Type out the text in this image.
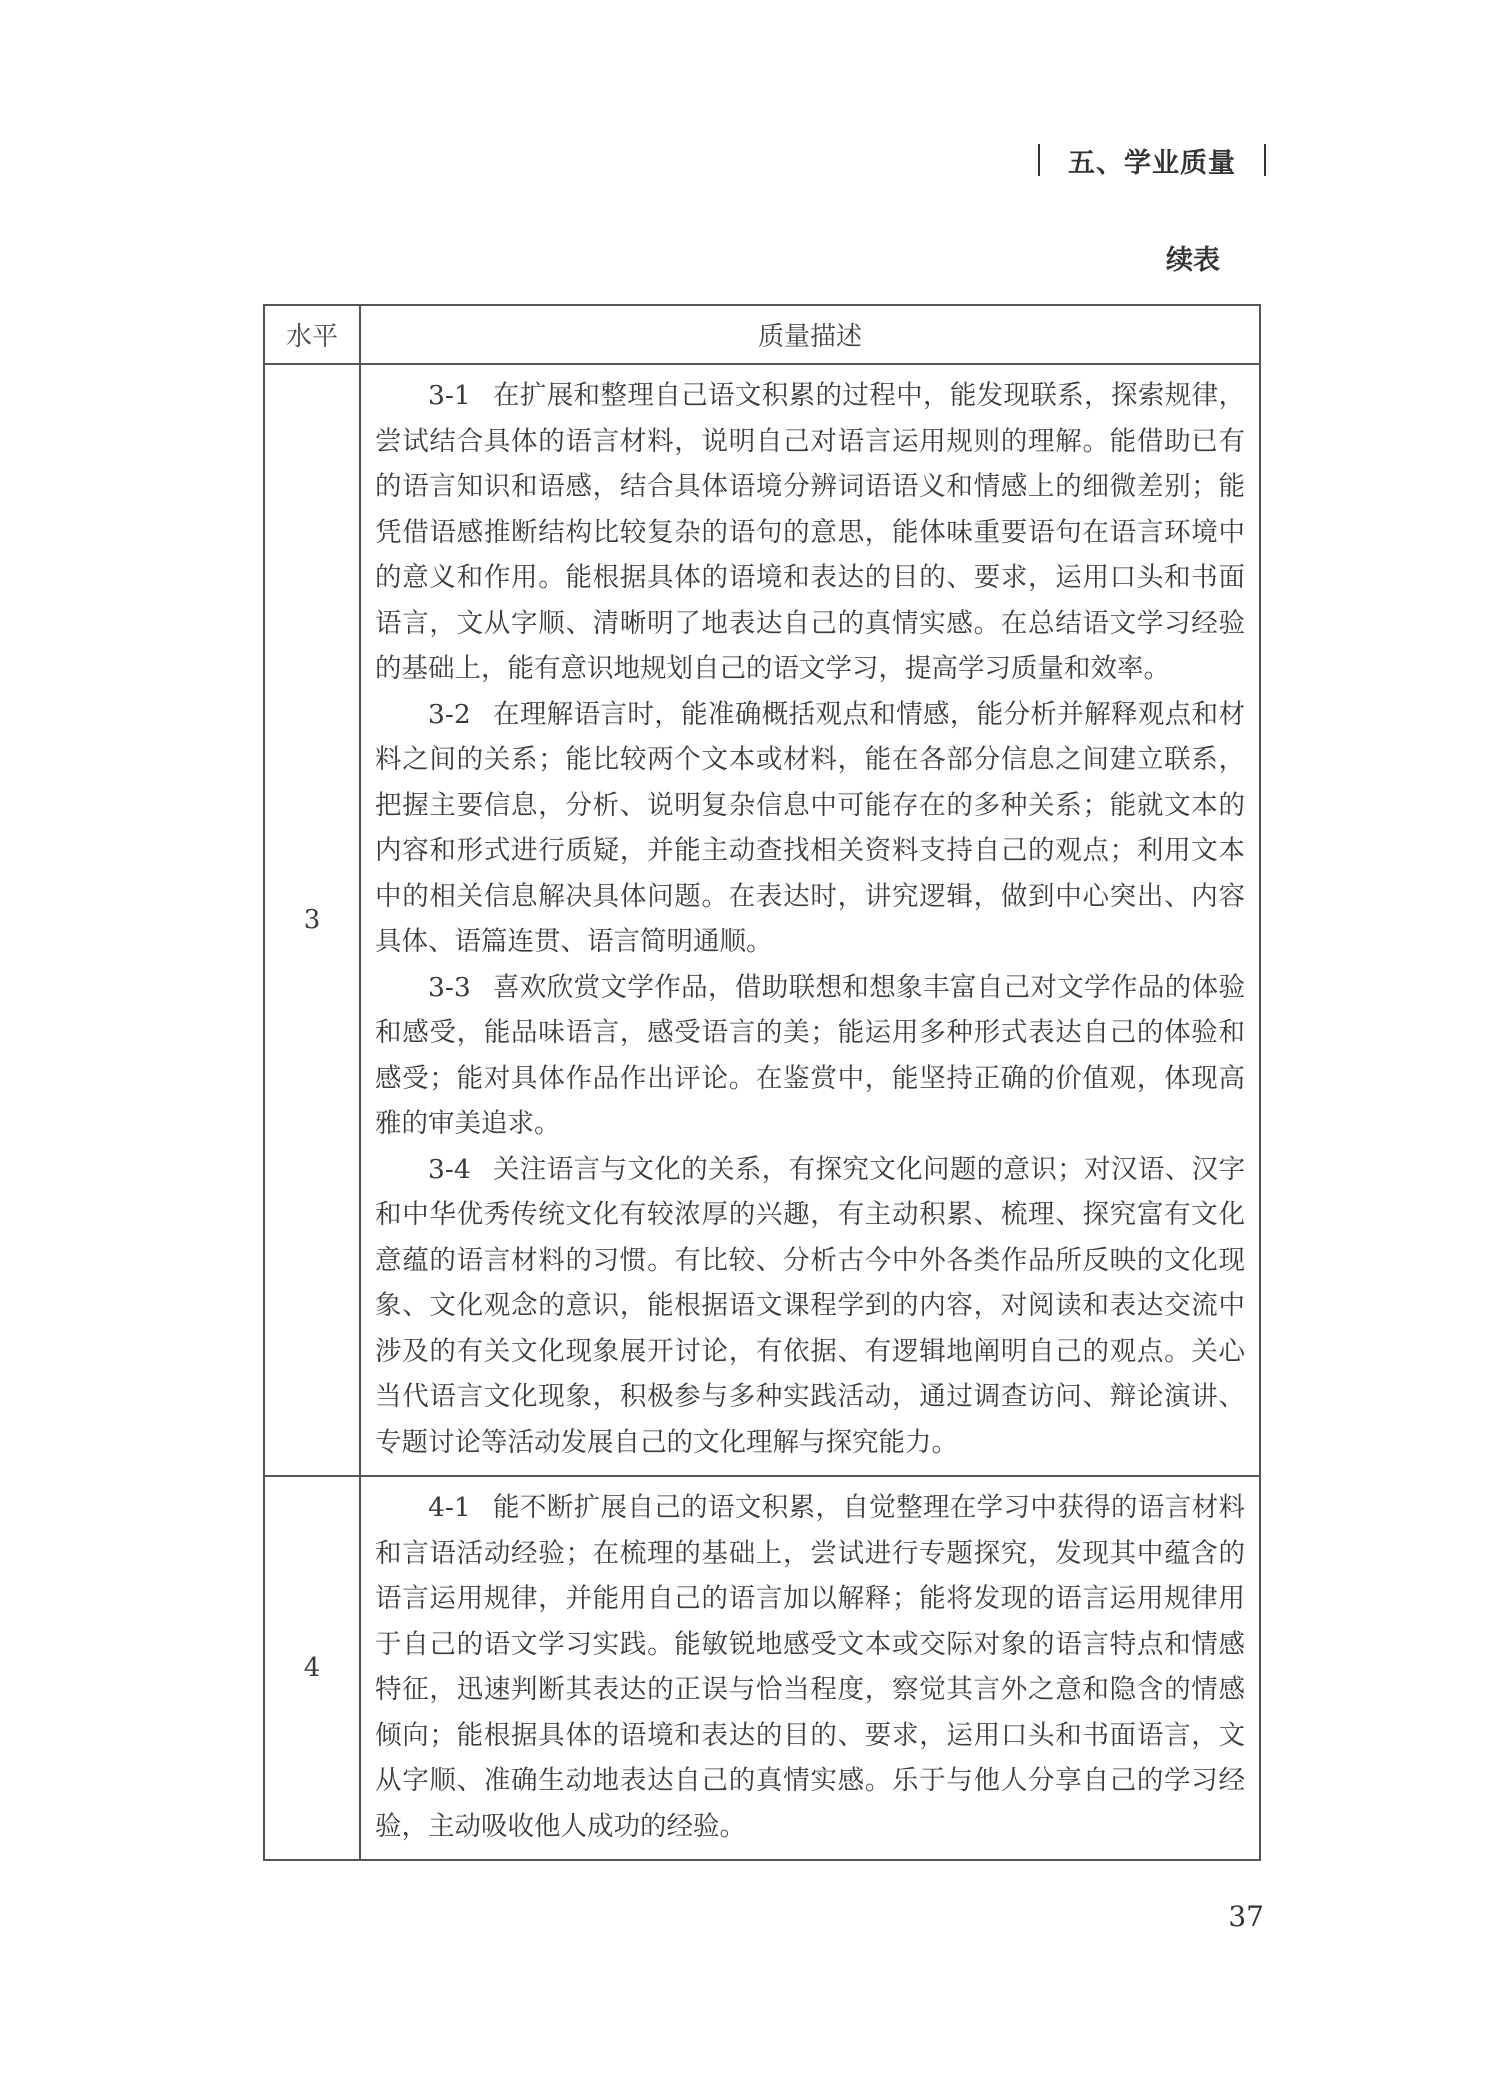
五、学业质量
续表
水平	质量描述
3	3-1 在扩展和整理自己语文积累的过程中，能发现联系，探索规律，尝试结合具体的语言材料，说明自己对语言运用规则的理解。能借助已有的语言知识和语感，结合具体语境分辨词语语义和情感上的细微差别；能凭借语感推断结构比较复杂的语句的意思，能体味重要语句在语言环境中的意义和作用。能根据具体的语境和表达的目的、要求，运用口头和书面语言，文从字顺、清晰明了地表达自己的真情实感。在总结语文学习经验的基础上，能有意识地规划自己的语文学习，提高学习质量和效率。

3-2 在理解语言时，能准确概括观点和情感，能分析并解释观点和材料之间的关系；能比较两个文本或材料，能在各部分信息之间建立联系，把握主要信息，分析、说明复杂信息中可能存在的多种关系；能就文本的内容和形式进行质疑，并能主动查找相关资料支持自己的观点；利用文本中的相关信息解决具体问题。在表达时，讲究逻辑，做到中心突出、内容具体、语篇连贯、语言简明通顺。

3-3 喜欢欣赏文学作品，借助联想和想象丰富自己对文学作品的体验和感受，能品味语言，感受语言的美；能运用多种形式表达自己的体验和感受；能对具体作品作出评论。在鉴赏中，能坚持正确的价值观，体现高雅的审美追求。

3-4 关注语言与文化的关系，有探究文化问题的意识；对汉语、汉字和中华优秀传统文化有较浓厚的兴趣，有主动积累、梳理、探究富有文化意蕴的语言材料的习惯。有比较、分析古今中外各类作品所反映的文化现象、文化观念的意识，能根据语文课程学到的内容，对阅读和表达交流中涉及的有关文化现象展开讨论，有依据、有逻辑地阐明自己的观点。关心当代语言文化现象，积极参与多种实践活动，通过调查访问、辩论演讲、专题讨论等活动发展自己的文化理解与探究能力。

4	4-1 能不断扩展自己的语文积累，自觉整理在学习中获得的语言材料和言语活动经验；在梳理的基础上，尝试进行专题探究，发现其中蕴含的语言运用规律，并能用自己的语言加以解释；能将发现的语言运用规律用于自己的语文学习实践。能敏锐地感受文本或交际对象的语言特点和情感特征，迅速判断其表达的正误与恰当程度，察觉其言外之意和隐含的情感倾向；能根据具体的语境和表达的目的、要求，运用口头和书面语言，文从字顺、准确生动地表达自己的真情实感。乐于与他人分享自己的学习经验，主动吸收他人成功的经验。

37
